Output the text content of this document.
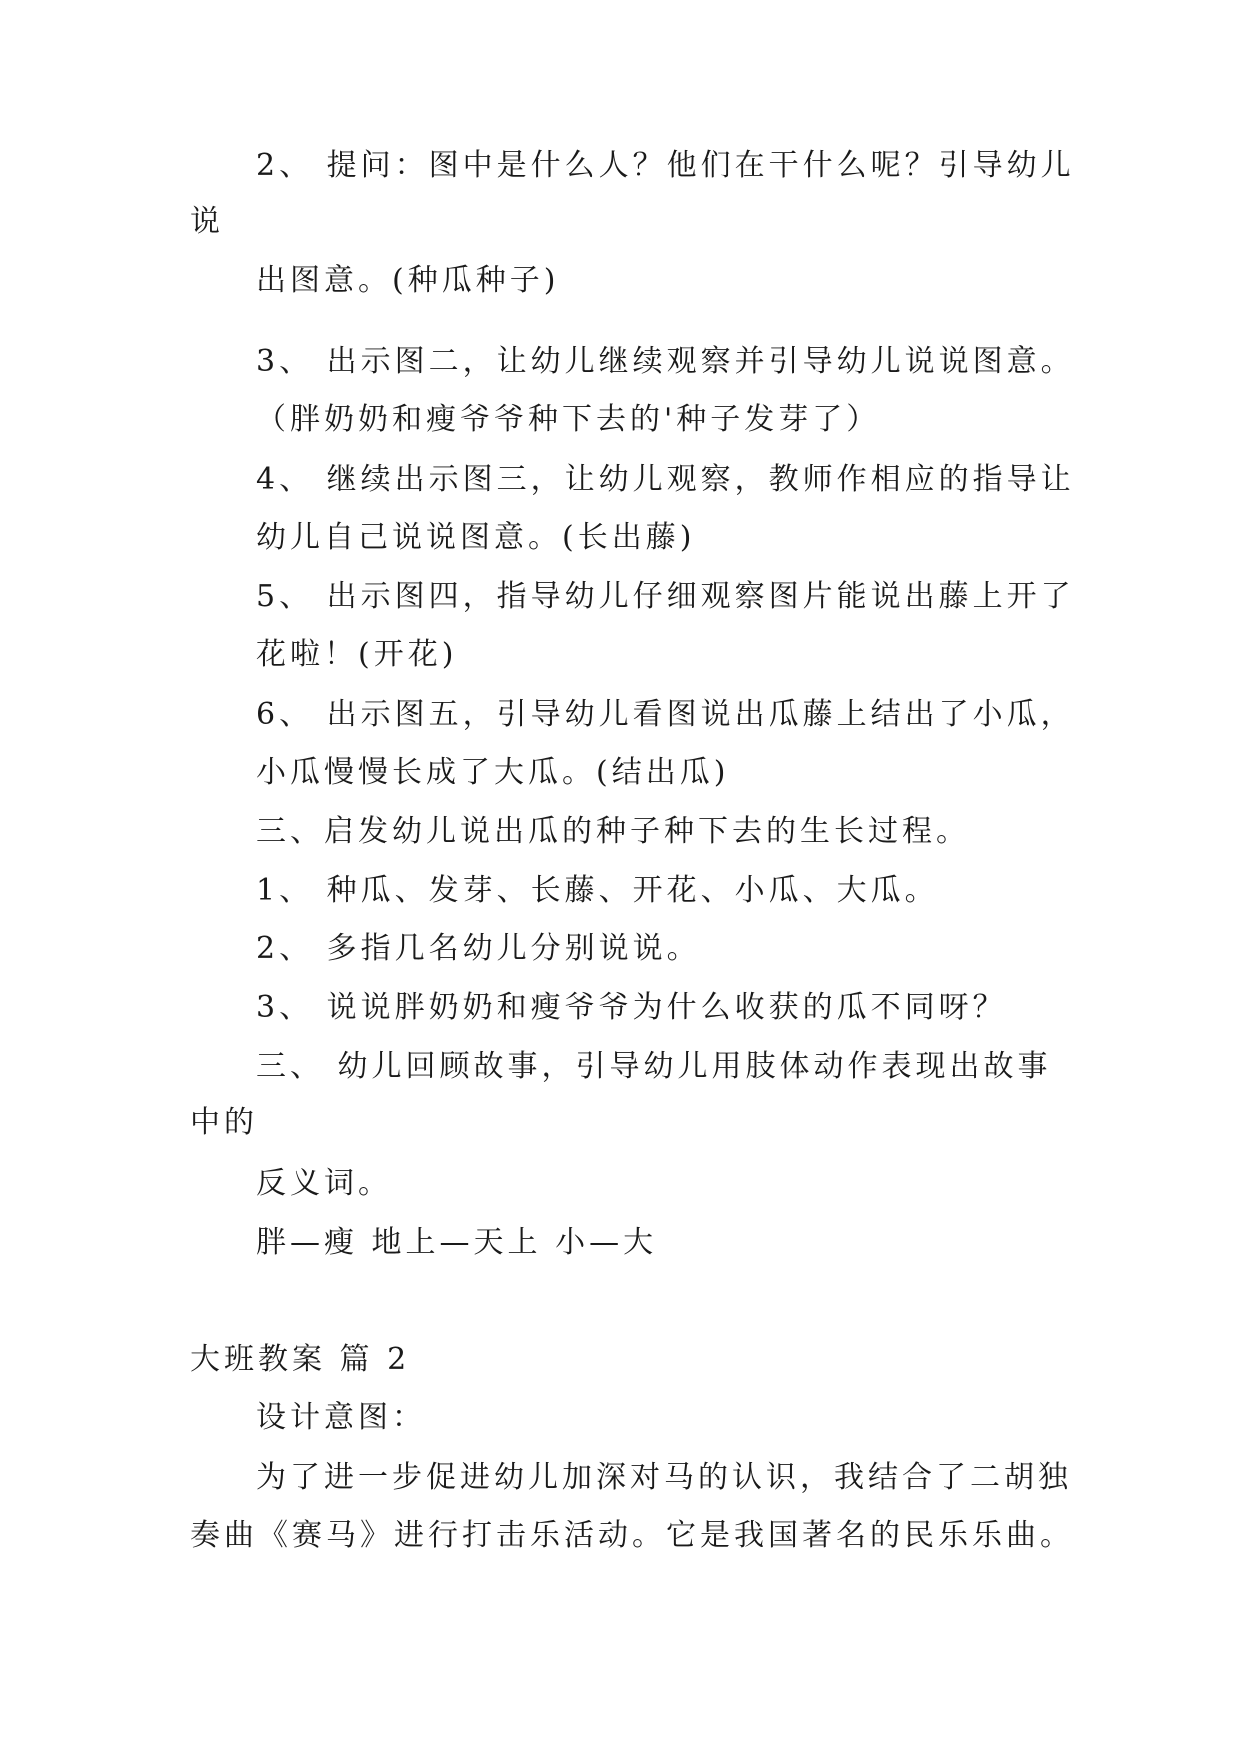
2、 提问：图中是什么人？他们在干什么呢？引导幼儿
说
出图意。(种瓜种子)
3、 出示图二，让幼儿继续观察并引导幼儿说说图意。
（胖奶奶和瘦爷爷种下去的'种子发芽了）
4、 继续出示图三，让幼儿观察，教师作相应的指导让
幼儿自己说说图意。(长出藤)
5、 出示图四，指导幼儿仔细观察图片能说出藤上开了
花啦！(开花)
6、 出示图五，引导幼儿看图说出瓜藤上结出了小瓜，
小瓜慢慢长成了大瓜。(结出瓜)
三、启发幼儿说出瓜的种子种下去的生长过程。
1、 种瓜、发芽、长藤、开花、小瓜、大瓜。
2、 多指几名幼儿分别说说。
3、 说说胖奶奶和瘦爷爷为什么收获的瓜不同呀？
三、 幼儿回顾故事，引导幼儿用肢体动作表现出故事
中的
反义词。
胖—瘦 地上—天上 小—大
大班教案 篇 2
设计意图：
为了进一步促进幼儿加深对马的认识，我结合了二胡独
奏曲《赛马》进行打击乐活动。它是我国著名的民乐乐曲。
